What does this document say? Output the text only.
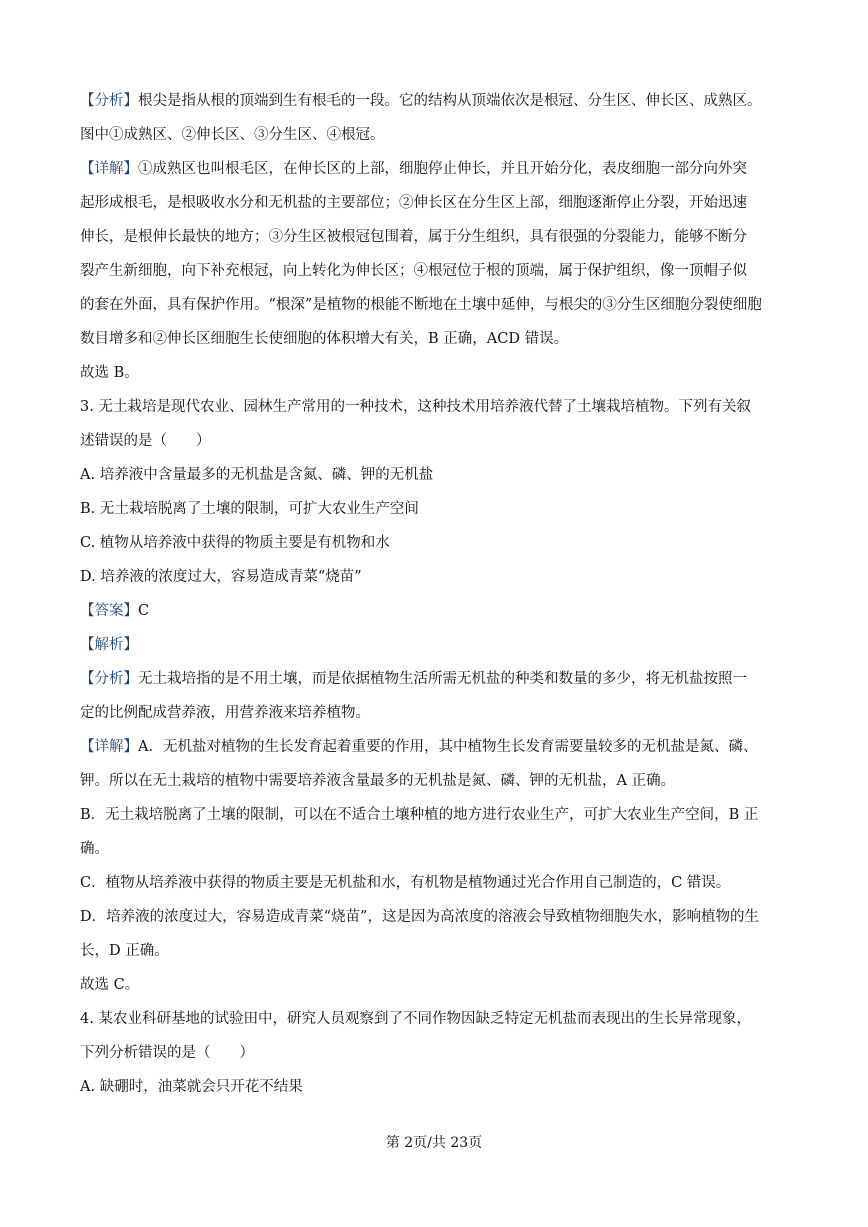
【分析】根尖是指从根的顶端到生有根毛的一段。它的结构从顶端依次是根冠、分生区、伸长区、成熟区。
图中①成熟区、②伸长区、③分生区、④根冠。

【详解】①成熟区也叫根毛区，在伸长区的上部，细胞停止伸长，并且开始分化，表皮细胞一部分向外突
起形成根毛，是根吸收水分和无机盐的主要部位；②伸长区在分生区上部，细胞逐渐停止分裂，开始迅速
伸长，是根伸长最快的地方；③分生区被根冠包围着，属于分生组织，具有很强的分裂能力，能够不断分
裂产生新细胞，向下补充根冠，向上转化为伸长区；④根冠位于根的顶端，属于保护组织，像一顶帽子似
的套在外面，具有保护作用。“根深”是植物的根能不断地在土壤中延伸，与根尖的③分生区细胞分裂使细胞
数目增多和②伸长区细胞生长使细胞的体积增大有关，B 正确，ACD 错误。

故选 B。

3. 无土栽培是现代农业、园林生产常用的一种技术，这种技术用培养液代替了土壤栽培植物。下列有关叙
述错误的是（　　）

A. 培养液中含量最多的无机盐是含氮、磷、钾的无机盐
B. 无土栽培脱离了土壤的限制，可扩大农业生产空间
C. 植物从培养液中获得的物质主要是有机物和水
D. 培养液的浓度过大，容易造成青菜“烧苗”

【答案】C

【解析】

【分析】无土栽培指的是不用土壤，而是依据植物生活所需无机盐的种类和数量的多少，将无机盐按照一
定的比例配成营养液，用营养液来培养植物。

【详解】A．无机盐对植物的生长发育起着重要的作用，其中植物生长发育需要量较多的无机盐是氮、磷、
钾。所以在无土栽培的植物中需要培养液含量最多的无机盐是氮、磷、钾的无机盐，A 正确。

B．无土栽培脱离了土壤的限制，可以在不适合土壤种植的地方进行农业生产，可扩大农业生产空间，B 正
确。

C．植物从培养液中获得的物质主要是无机盐和水，有机物是植物通过光合作用自己制造的，C 错误。

D．培养液的浓度过大，容易造成青菜“烧苗”，这是因为高浓度的溶液会导致植物细胞失水，影响植物的生
长，D 正确。

故选 C。

4. 某农业科研基地的试验田中，研究人员观察到了不同作物因缺乏特定无机盐而表现出的生长异常现象，
下列分析错误的是（　　）

A. 缺硼时，油菜就会只开花不结果

第 2页/共 23页
